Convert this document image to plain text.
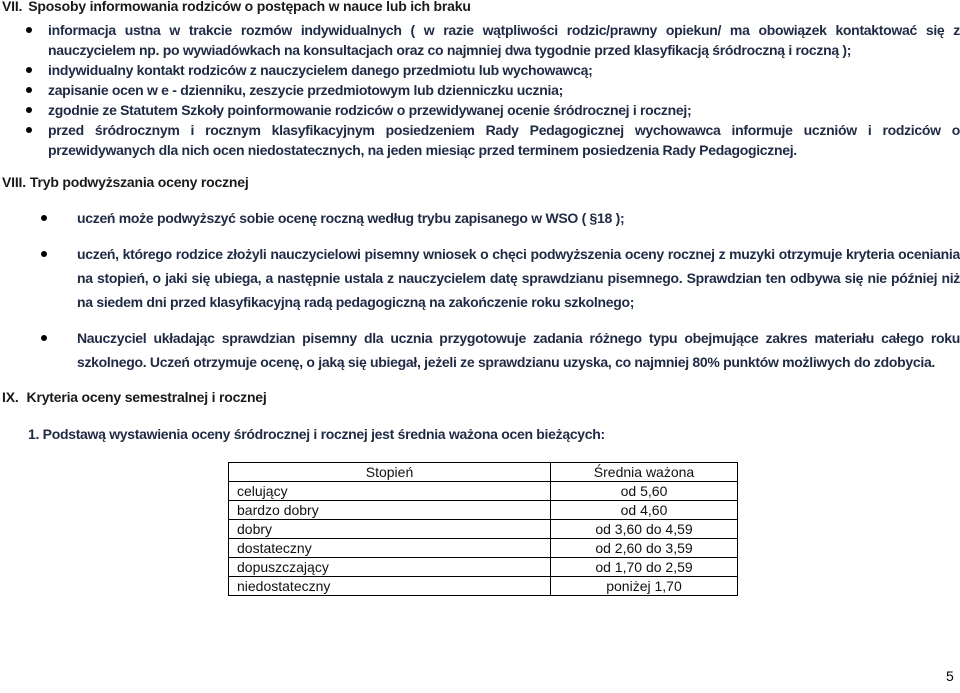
VII. Sposoby informowania rodziców o postępach w nauce lub ich braku
informacja ustna w trakcie rozmów indywidualnych ( w razie wątpliwości rodzic/prawny opiekun/ ma obowiązek kontaktować się z nauczycielem np. po wywiadówkach na konsultacjach oraz co najmniej dwa tygodnie przed klasyfikacją śródroczną i roczną );
indywidualny kontakt rodziców z nauczycielem danego przedmiotu lub wychowawcą;
zapisanie ocen w e - dzienniku, zeszycie przedmiotowym lub dzienniczku ucznia;
zgodnie ze Statutem Szkoły poinformowanie rodziców o przewidywanej ocenie śródrocznej i rocznej;
przed śródrocznym i rocznym klasyfikacyjnym posiedzeniem Rady Pedagogicznej wychowawca informuje uczniów i rodziców o przewidywanych dla nich ocen niedostatecznych, na jeden miesiąc przed terminem posiedzenia Rady Pedagogicznej.
VIII. Tryb podwyższania oceny rocznej
uczeń może podwyższyć sobie ocenę roczną według trybu zapisanego w WSO ( §18 );
uczeń, którego rodzice złożyli nauczycielowi pisemny wniosek o chęci podwyższenia oceny rocznej z muzyki otrzymuje kryteria oceniania na stopień, o jaki się ubiega, a następnie ustala z nauczycielem datę sprawdzianu pisemnego. Sprawdzian ten odbywa się nie później niż na siedem dni przed klasyfikacyjną radą pedagogiczną na zakończenie roku szkolnego;
Nauczyciel układając sprawdzian pisemny dla ucznia przygotowuje zadania różnego typu obejmujące zakres materiału całego roku szkolnego. Uczeń otrzymuje ocenę, o jaką się ubiegał, jeżeli ze sprawdzianu uzyska, co najmniej 80% punktów możliwych do zdobycia.
IX. Kryteria oceny semestralnej i rocznej
1. Podstawą wystawienia oceny śródrocznej i rocznej jest średnia ważona ocen bieżących:
Stopień	Średnia ważona
celujący	od 5,60
bardzo dobry	od 4,60
dobry	od 3,60 do 4,59
dostateczny	od 2,60 do 3,59
dopuszczający	od 1,70 do 2,59
niedostateczny	poniżej 1,70
5
